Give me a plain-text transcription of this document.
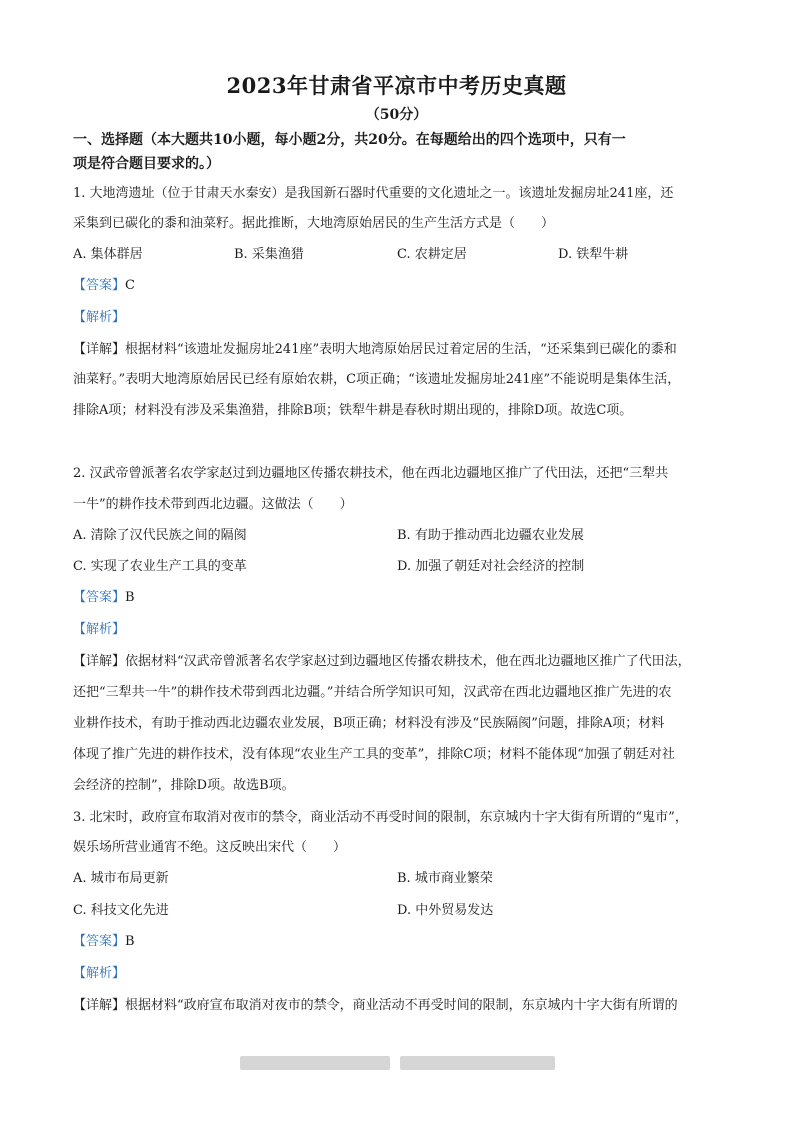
2023年甘肃省平凉市中考历史真题
（50分）
一、选择题（本大题共10小题，每小题2分，共20分。在每题给出的四个选项中，只有一
项是符合题目要求的。）
1. 大地湾遗址（位于甘肃天水秦安）是我国新石器时代重要的文化遗址之一。该遗址发掘房址241座，还
采集到已碳化的黍和油菜籽。据此推断，大地湾原始居民的生产生活方式是（　　）
A. 集体群居	B. 采集渔猎	C. 农耕定居	D. 铁犁牛耕
【答案】C
【解析】
【详解】根据材料“该遗址发掘房址241座”表明大地湾原始居民过着定居的生活，“还采集到已碳化的黍和
油菜籽。”表明大地湾原始居民已经有原始农耕，C项正确；“该遗址发掘房址241座”不能说明是集体生活，
排除A项；材料没有涉及采集渔猎，排除B项；铁犁牛耕是春秋时期出现的，排除D项。故选C项。
2. 汉武帝曾派著名农学家赵过到边疆地区传播农耕技术，他在西北边疆地区推广了代田法，还把“三犁共
一牛”的耕作技术带到西北边疆。这做法（　　）
A. 清除了汉代民族之间的隔阂	B. 有助于推动西北边疆农业发展
C. 实现了农业生产工具的变革	D. 加强了朝廷对社会经济的控制
【答案】B
【解析】
【详解】依据材料“汉武帝曾派著名农学家赵过到边疆地区传播农耕技术，他在西北边疆地区推广了代田法，
还把“三犁共一牛”的耕作技术带到西北边疆。”并结合所学知识可知，汉武帝在西北边疆地区推广先进的农
业耕作技术，有助于推动西北边疆农业发展，B项正确；材料没有涉及“民族隔阂”问题，排除A项；材料
体现了推广先进的耕作技术，没有体现“农业生产工具的变革”，排除C项；材料不能体现“加强了朝廷对社
会经济的控制”，排除D项。故选B项。
3. 北宋时，政府宣布取消对夜市的禁令，商业活动不再受时间的限制，东京城内十字大街有所谓的“鬼市”，
娱乐场所营业通宵不绝。这反映出宋代（　　）
A. 城市布局更新	B. 城市商业繁荣
C. 科技文化先进	D. 中外贸易发达
【答案】B
【解析】
【详解】根据材料“政府宣布取消对夜市的禁令，商业活动不再受时间的限制，东京城内十字大街有所谓的
